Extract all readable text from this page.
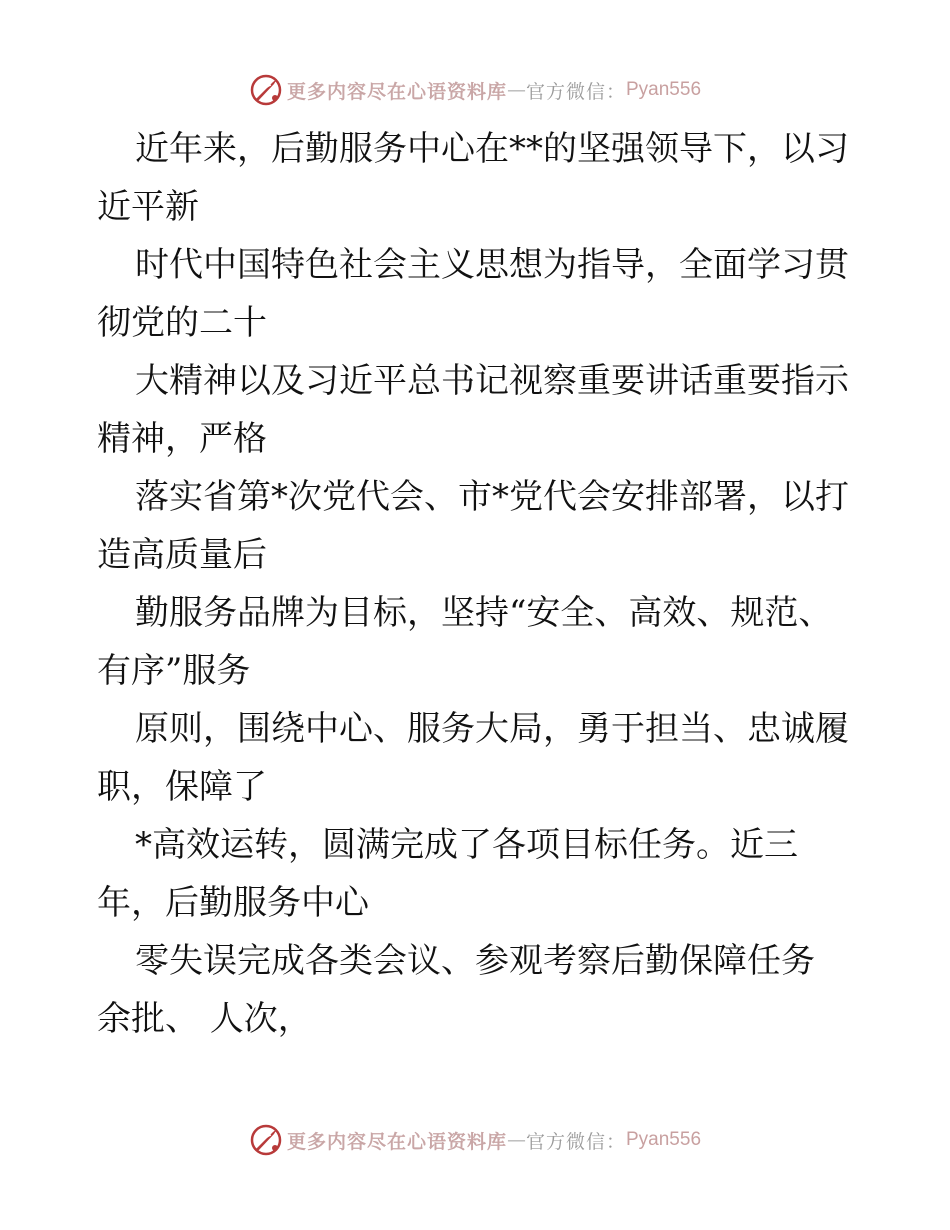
更多内容尽在心语资料库 — 官方微信： Pyan556

近年来，后勤服务中心在**的坚强领导下，以习
近平新

时代中国特色社会主义思想为指导，全面学习贯
彻党的二十

大精神以及习近平总书记视察重要讲话重要指示
精神，严格

落实省第*次党代会、市*党代会安排部署，以打
造高质量后

勤服务品牌为目标，坚持“安全、高效、规范、
有序”服务

原则，围绕中心、服务大局，勇于担当、忠诚履
职，保障了

*高效运转，圆满完成了各项目标任务。近三
年，后勤服务中心

零失误完成各类会议、参观考察后勤保障任务
余批、 人次，

更多内容尽在心语资料库 — 官方微信： Pyan556
